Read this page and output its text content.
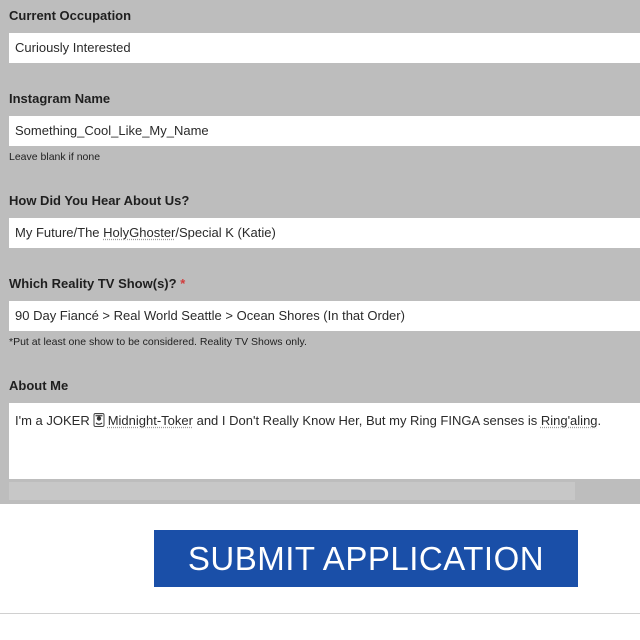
Current Occupation
Curiously Interested
Instagram Name
Something_Cool_Like_My_Name
Leave blank if none
How Did You Hear About Us?
My Future/The HolyGhoster/Special K (Katie)
Which Reality TV Show(s)? *
90 Day Fiancé > Real World Seattle > Ocean Shores (In that Order)
*Put at least one show to be considered. Reality TV Shows only.
About Me
I'm a JOKER Midnight-Toker and I Don't Really Know Her, But my Ring FINGA senses is Ring'aling.
SUBMIT APPLICATION
